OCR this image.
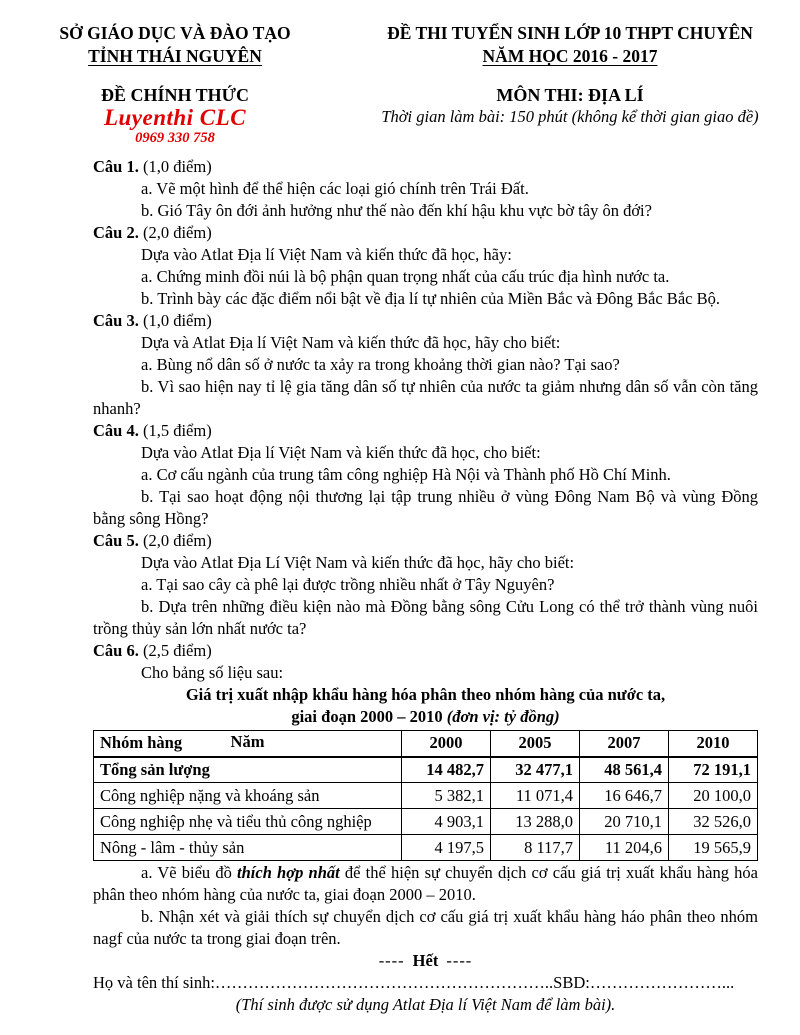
SỞ GIÁO DỤC VÀ ĐÀO TẠO
TỈNH THÁI NGUYÊN
ĐỀ THI TUYỂN SINH LỚP 10 THPT CHUYÊN
NĂM HỌC 2016 - 2017
ĐỀ CHÍNH THỨC
Luyenthi CLC
0969 330 758
MÔN THI: ĐỊA LÍ
Thời gian làm bài: 150 phút (không kể thời gian giao đề)

Câu 1. (1,0 điểm)

a. Vẽ một hình để thể hiện các loại gió chính trên Trái Đất.

b. Gió Tây ôn đới ảnh hưởng như thế nào đến khí hậu khu vực bờ tây ôn đới?

Câu 2. (2,0 điểm)

Dựa vào Atlat Địa lí Việt Nam và kiến thức đã học, hãy:

a. Chứng minh đồi núi là bộ phận quan trọng nhất của cấu trúc địa hình nước ta.

b. Trình bày các đặc điểm nổi bật về địa lí tự nhiên của Miền Bắc và Đông Bắc Bắc Bộ.

Câu 3. (1,0 điểm)

Dựa và Atlat Địa lí Việt Nam và kiến thức đã học, hãy cho biết:

a. Bùng nổ dân số ở nước ta xảy ra trong khoảng thời gian nào? Tại sao?

b. Vì sao hiện nay tỉ lệ gia tăng dân số tự nhiên của nước ta giảm nhưng dân số vẫn còn tăng nhanh?

Câu 4. (1,5 điểm)

Dựa vào Atlat Địa lí Việt Nam và kiến thức đã học, cho biết:

a. Cơ cấu ngành của trung tâm công nghiệp Hà Nội và Thành phố Hồ Chí Minh.

b. Tại sao hoạt động nội thương lại tập trung nhiều ở vùng Đông Nam Bộ và vùng Đồng bằng sông Hồng?

Câu 5. (2,0 điểm)

Dựa vào Atlat Địa Lí Việt Nam và kiến thức đã học, hãy cho biết:

a. Tại sao cây cà phê lại được trồng nhiều nhất ở Tây Nguyên?

b. Dựa trên những điều kiện nào mà Đồng bằng sông Cửu Long có thể trở thành vùng nuôi trồng thủy sản lớn nhất nước ta?

Câu 6. (2,5 điểm)

Cho bảng số liệu sau:

Giá trị xuất nhập khẩu hàng hóa phân theo nhóm hàng của nước ta,

giai đoạn 2000 – 2010 (đơn vị: tỷ đồng)

Năm
Nhóm hàng	2000	2005	2007	2010
Tổng sản lượng	14 482,7	32 477,1	48 561,4	72 191,1
Công nghiệp nặng và khoáng sản	5 382,1	11 071,4	16 646,7	20 100,0
Công nghiệp nhẹ và tiểu thủ công nghiệp	4 903,1	13 288,0	20 710,1	32 526,0
Nông - lâm - thủy sản	4 197,5	8 117,7	11 204,6	19 565,9

a. Vẽ biểu đồ thích hợp nhất để thể hiện sự chuyển dịch cơ cấu giá trị xuất khẩu hàng hóa phân theo nhóm hàng của nước ta, giai đoạn 2000 – 2010.

b. Nhận xét và giải thích sự chuyển dịch cơ cấu giá trị xuất khẩu hàng háo phân theo nhóm nagf của nước ta trong giai đoạn trên.

---- Hết ----

Họ và tên thí sinh:……………………………………………………..SBD:……………………...

(Thí sinh được sử dụng Atlat Địa lí Việt Nam để làm bài).
